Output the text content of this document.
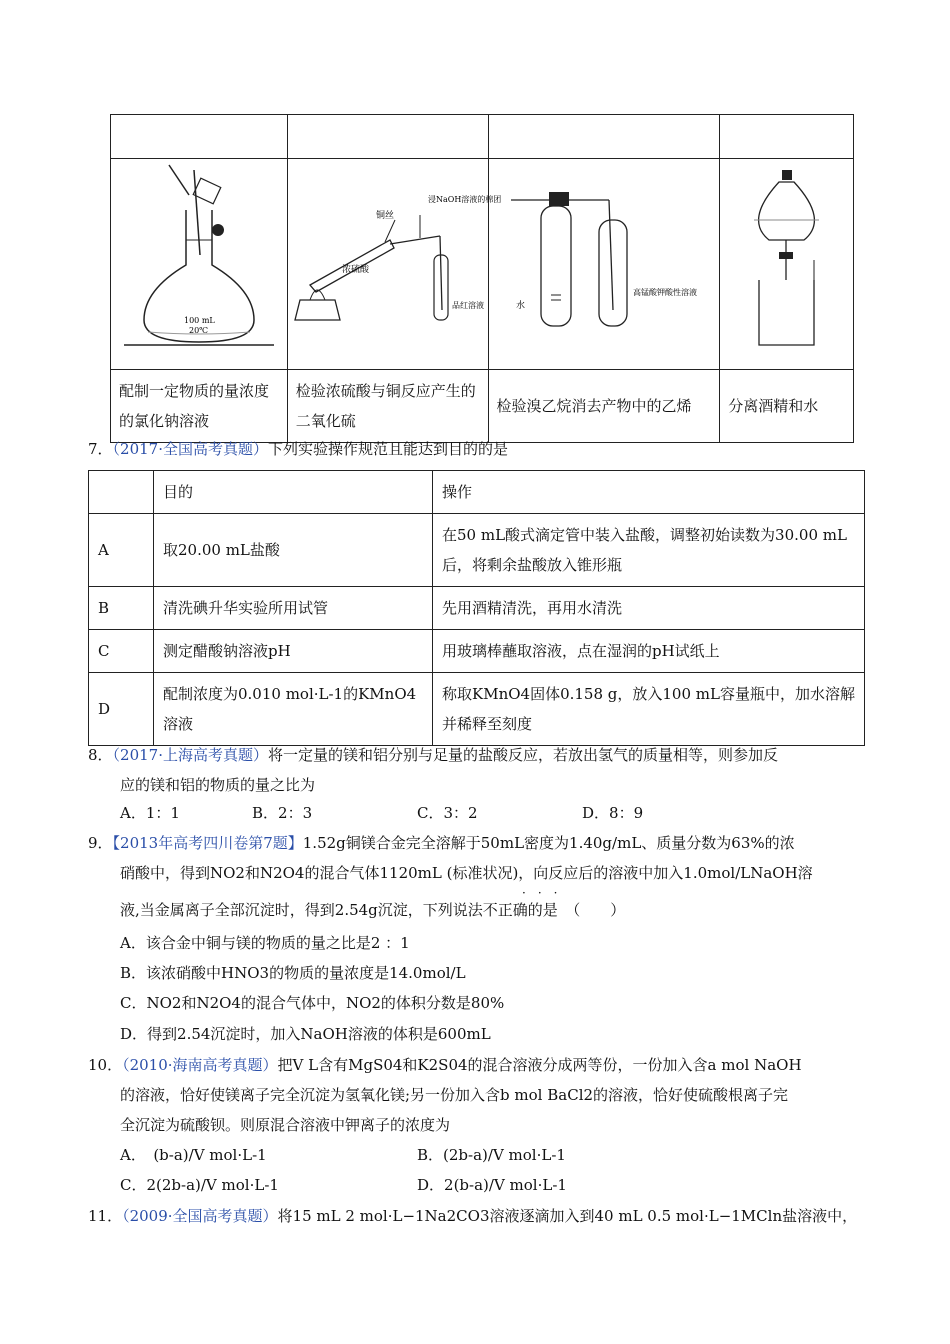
100 mL
20℃	铜丝
浸NaOH溶液的棉团
浓硫酸
品红溶液	水
高锰酸钾酸性溶液

配制一定物质的量浓度的氯化钠溶液	检验浓硫酸与铜反应产生的二氧化硫	检验溴乙烷消去产物中的乙烯	分离酒精和水
7．（2017·全国高考真题）下列实验操作规范且能达到目的的是
	目的	操作
A	取20.00 mL盐酸	在50 mL酸式滴定管中装入盐酸，调整初始读数为30.00 mL后，将剩余盐酸放入锥形瓶
B	清洗碘升华实验所用试管	先用酒精清洗，再用水清洗
C	测定醋酸钠溶液pH	用玻璃棒蘸取溶液，点在湿润的pH试纸上
D	配制浓度为0.010 mol·L-1的KMnO4溶液	称取KMnO4固体0.158 g，放入100 mL容量瓶中，加水溶解并稀释至刻度
8．（2017·上海高考真题）将一定量的镁和铝分别与足量的盐酸反应，若放出氢气的质量相等，则参加反
应的镁和铝的物质的量之比为
A．1：1	B．2：3	C．3：2	D．8：9
9．【2013年高考四川卷第7题】1.52g铜镁合金完全溶解于50mL密度为1.40g/mL、质量分数为63%的浓
硝酸中，得到NO2和N2O4的混合气体1120mL (标准状况)，向反应后的溶液中加入1.0mol/LNaOH溶
液,当金属离子全部沉淀时，得到2.54g沉淀，下列说法不正确的是　（　　）
···
A．该合金中铜与镁的物质的量之比是2 ：1
B．该浓硝酸中HNO3的物质的量浓度是14.0mol/L
C．NO2和N2O4的混合气体中，NO2的体积分数是80%
D．得到2.54沉淀时，加入NaOH溶液的体积是600mL
10．（2010·海南高考真题）把V L含有MgS04和K2S04的混合溶液分成两等份，一份加入含a mol NaOH
的溶液，恰好使镁离子完全沉淀为氢氧化镁;另一份加入含b mol BaCl2的溶液，恰好使硫酸根离子完
全沉淀为硫酸钡。则原混合溶液中钾离子的浓度为
A．　(b-a)/V mol·L-1	B．(2b-a)/V mol·L-1
C．2(2b-a)/V mol·L-1	D．2(b-a)/V mol·L-1
11．（2009·全国高考真题）将15 mL 2 mol·L−1Na2CO3溶液逐滴加入到40 mL 0.5 mol·L−1MCln盐溶液中，
